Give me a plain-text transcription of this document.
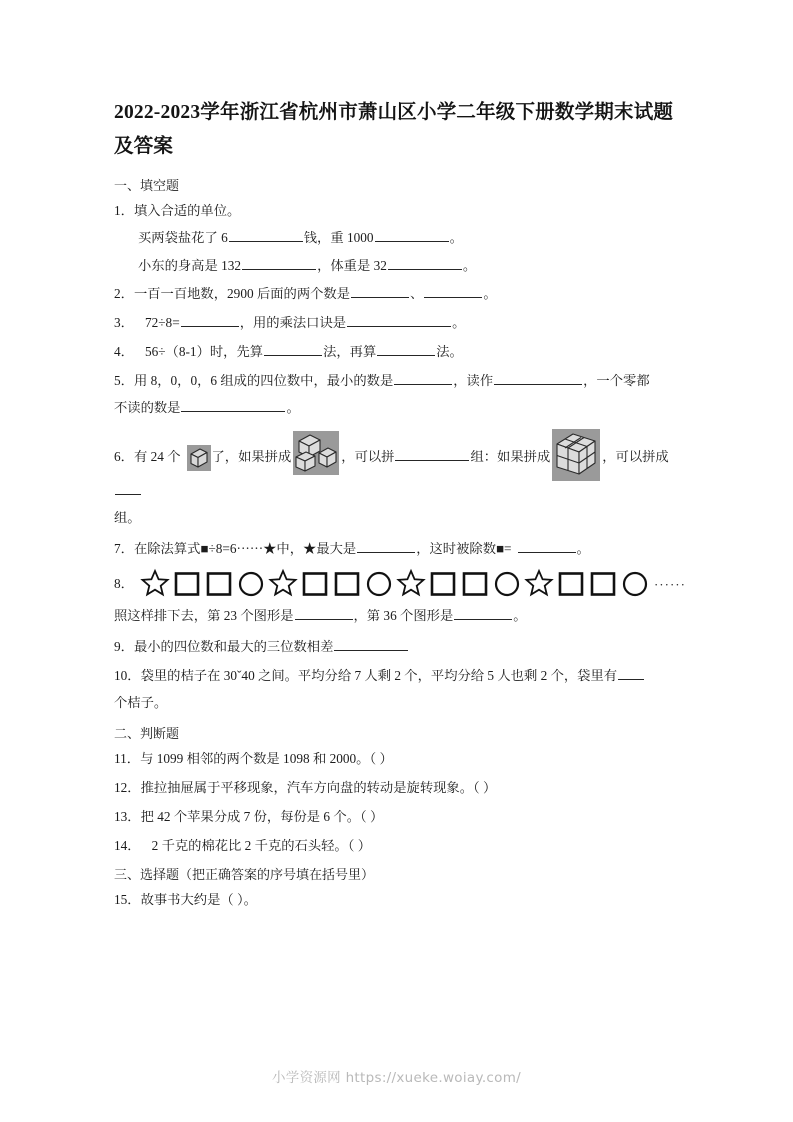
2022-2023学年浙江省杭州市萧山区小学二年级下册数学期末试题及答案
一、填空题
1．填入合适的单位。
买两袋盐花了 6	钱，重 1000	。
小东的身高是 132	，体重是 32	。
2．一百一百地数，2900 后面的两个数是	、	。
3． 72÷8=	，用的乘法口诀是	。
4． 56÷（8-1）时，先算	法，再算	法。
5．用 8，0，0，6 组成的四位数中，最小的数是	，读作	，一个零都
不读的数是	。
6．有 24 个 了，如果拼成	，可以拼	组：如果拼成	，可以拼成
组。
7．在除法算式■÷8=6······★中，★最大是	，这时被除数■=	。
8．	······
照这样排下去，第 23 个图形是	，第 36 个图形是	。
9．最小的四位数和最大的三位数相差
10．袋里的桔子在 30ˇ40 之间。平均分给 7 人剩 2 个，平均分给 5 人也剩 2 个，袋里有
个桔子。
二、判断题
11．与 1099 相邻的两个数是 1098 和 2000。（ ）
12．推拉抽屉属于平移现象，汽车方向盘的转动是旋转现象。（ ）
13．把 42 个苹果分成 7 份，每份是 6 个。（ ）
14． 2 千克的棉花比 2 千克的石头轻。（ ）
三、选择题（把正确答案的序号填在括号里）
15．故事书大约是（ ）。
小学资源网 https://xueke.woiay.com/
